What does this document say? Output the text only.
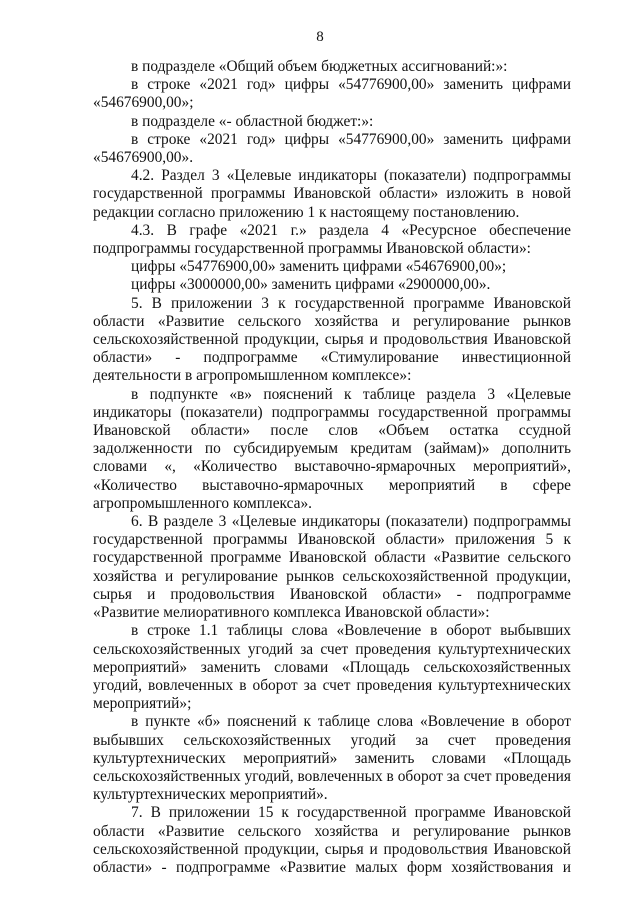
8

в подразделе «Общий объем бюджетных ассигнований:»:

в строке «2021 год» цифры «54776900,00» заменить цифрами «54676900,00»;

в подразделе «- областной бюджет:»:

в строке «2021 год» цифры «54776900,00» заменить цифрами «54676900,00».

4.2. Раздел 3 «Целевые индикаторы (показатели) подпрограммы государственной программы Ивановской области» изложить в новой редакции согласно приложению 1 к настоящему постановлению.

4.3. В графе «2021 г.» раздела 4 «Ресурсное обеспечение подпрограммы государственной программы Ивановской области»:

цифры «54776900,00» заменить цифрами «54676900,00»;

цифры «3000000,00» заменить цифрами «2900000,00».

5. В приложении 3 к государственной программе Ивановской области «Развитие сельского хозяйства и регулирование рынков сельскохозяйственной продукции, сырья и продовольствия Ивановской области» - подпрограмме «Стимулирование инвестиционной деятельности в агропромышленном комплексе»:

в подпункте «в» пояснений к таблице раздела 3 «Целевые индикаторы (показатели) подпрограммы государственной программы Ивановской области» после слов «Объем остатка ссудной задолженности по субсидируемым кредитам (займам)» дополнить словами «, «Количество выставочно-ярмарочных мероприятий», «Количество выставочно-ярмарочных мероприятий в сфере агропромышленного комплекса».

6. В разделе 3 «Целевые индикаторы (показатели) подпрограммы государственной программы Ивановской области» приложения 5 к государственной программе Ивановской области «Развитие сельского хозяйства и регулирование рынков сельскохозяйственной продукции, сырья и продовольствия Ивановской области» - подпрограмме «Развитие мелиоративного комплекса Ивановской области»:

в строке 1.1 таблицы слова «Вовлечение в оборот выбывших сельскохозяйственных угодий за счет проведения культуртехнических мероприятий» заменить словами «Площадь сельскохозяйственных угодий, вовлеченных в оборот за счет проведения культуртехнических мероприятий»;

в пункте «б» пояснений к таблице слова «Вовлечение в оборот выбывших сельскохозяйственных угодий за счет проведения культуртехнических мероприятий» заменить словами «Площадь сельскохозяйственных угодий, вовлеченных в оборот за счет проведения культуртехнических мероприятий».

7. В приложении 15 к государственной программе Ивановской области «Развитие сельского хозяйства и регулирование рынков сельскохозяйственной продукции, сырья и продовольствия Ивановской области» - подпрограмме «Развитие малых форм хозяйствования и
